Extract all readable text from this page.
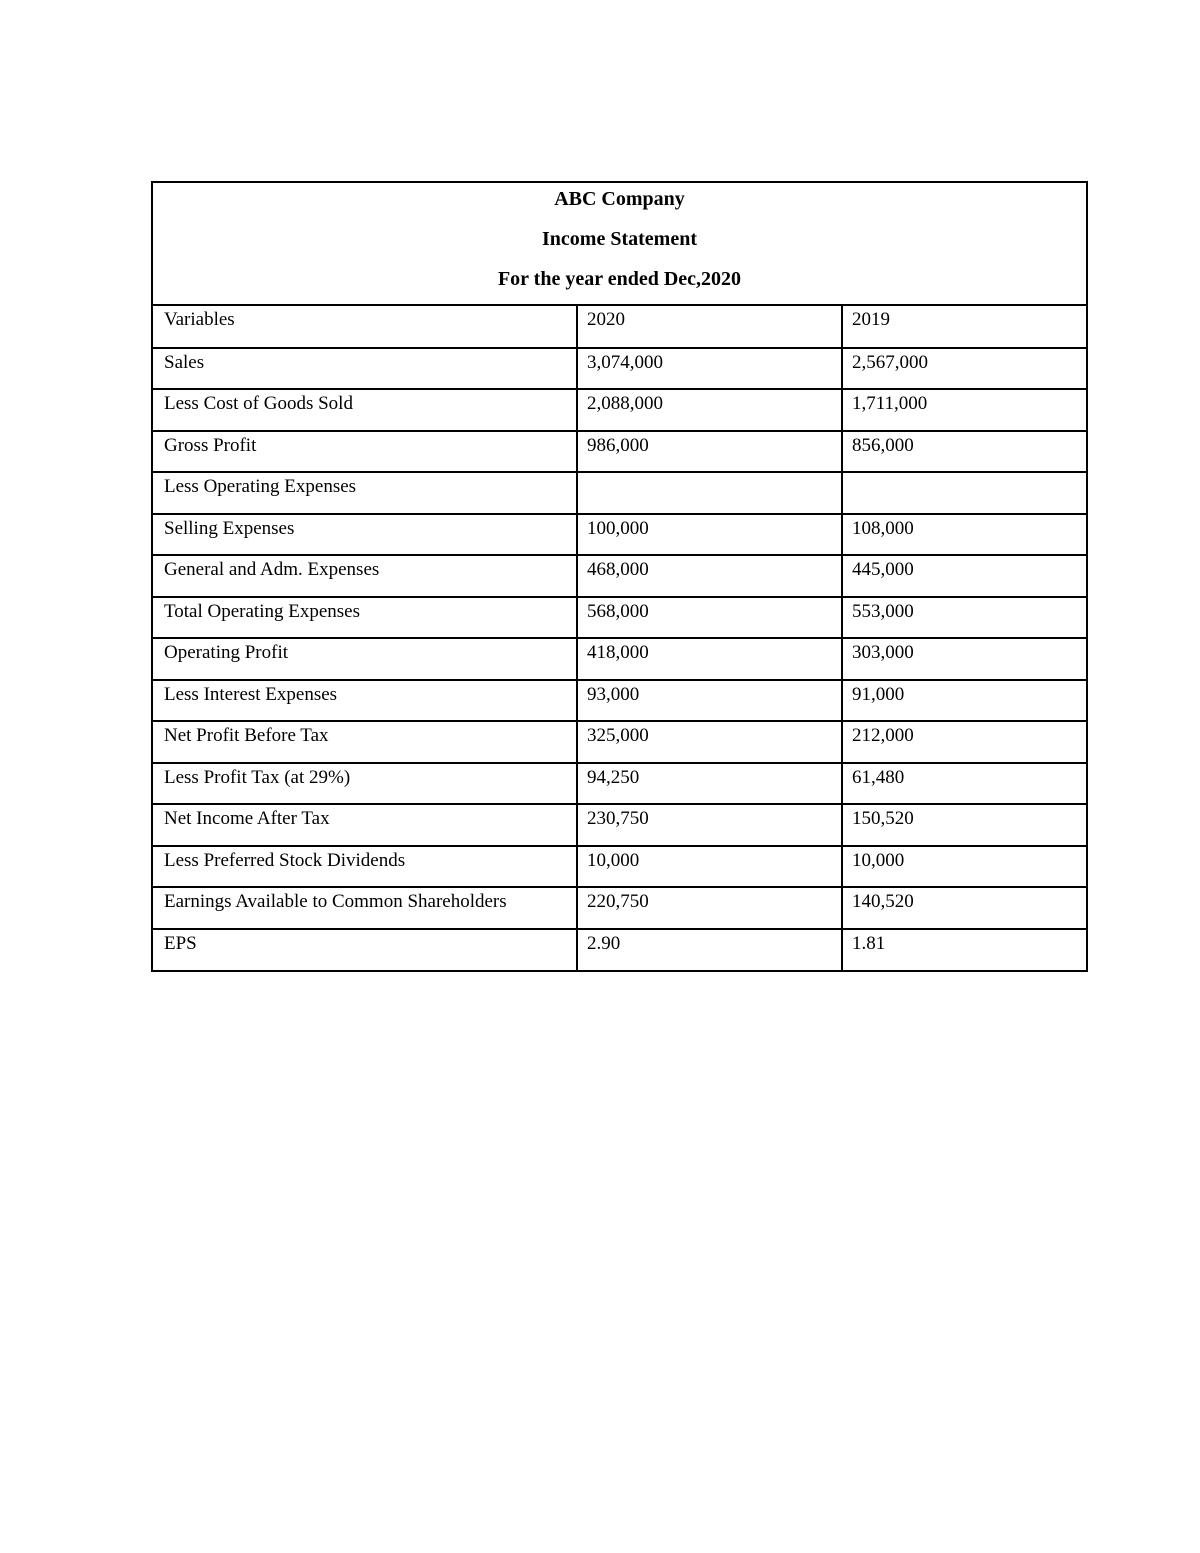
ABC Company
Income Statement
For the year ended Dec,2020
Variables	2020	2019
Sales	3,074,000	2,567,000
Less Cost of Goods Sold	2,088,000	1,711,000
Gross Profit	986,000	856,000
Less Operating Expenses		
Selling Expenses	100,000	108,000
General and Adm. Expenses	468,000	445,000
Total Operating Expenses	568,000	553,000
Operating Profit	418,000	303,000
Less Interest Expenses	93,000	91,000
Net Profit Before Tax	325,000	212,000
Less Profit Tax (at 29%)	94,250	61,480
Net Income After Tax	230,750	150,520
Less Preferred Stock Dividends	10,000	10,000
Earnings Available to Common Shareholders	220,750	140,520
EPS	2.90	1.81
